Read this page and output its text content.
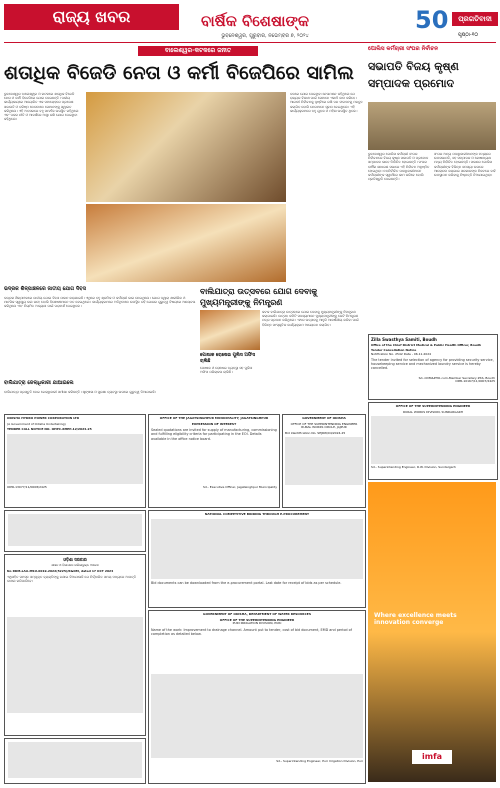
ରାଜ୍ୟ ଖବର	ବାର୍ଷିକ ବିଶେଷାଙ୍କ
ଭୁବନେଶ୍ୱର, ଗୁରୁବାର, ନଭେମ୍ବର ୭, ୨୦୨୪
50	ପ୍ରଗତିବାଦୀ
ପୃଷ୍ଠା-୧୦
ବାଲେଶ୍ୱର-କଟକରେ ଜନୀତ
ଶତାଧିକ ବିଜେଡି ନେତା ଓ କର୍ମୀ ବିଜେପିରେ ସାମିଲ
ଭୁବନେଶ୍ୱର ବାଲେଶ୍ୱର ଓ କଟକରେ ଶତାଧିକ ବିଜେଡି ନେତା ଓ କର୍ମୀ ବିଜେପିରେ ଯୋଗ ଦେଇଛନ୍ତି। ଦଳୀୟ କାର୍ଯ୍ୟାଳୟରେ ଆୟୋଜିତ ଏକ ସମାରୋହରେ ପ୍ରଦେଶ ସଭାପତି ଓ ବରିଷ୍ଠ ନେତାମାନେ ସେମାନଙ୍କୁ ସ୍ୱାଗତ କରିଥିଲେ। ଏହି ଅବସରରେ ବହୁ ସମର୍ଥକ ଉପସ୍ଥିତ ରହିଥିଲେ ଏବଂ ଦଳର ନୀତି ଓ ଆଦର୍ଶରେ ଆସ୍ଥା ରଖି ଯୋଗ ଦେଇଥିବା କହିଥିଲେ।
ଦଳରେ ଯୋଗ ଦେଇଥିବା ନେତାମାନେ କହିଥିଲେ ଯେ ରାଜ୍ୟର ବିକାଶ ପାଇଁ ସେମାନେ ଏକାଠି କାମ କରିବେ। ଆଗାମୀ ନିର୍ବାଚନକୁ ଦୃଷ୍ଟିରେ ରଖି ଦଳ ସଂଗଠନକୁ ମଜବୁତ କରାଯିବ ବୋଲି ନେତାମାନେ ସୂଚନା ଦେଇଥିଲେ। ଏହି କାର୍ଯ୍ୟକ୍ରମରେ ବହୁ ଯୁବକ ଓ ମହିଳା ଉପସ୍ଥିତ ଥିଲେ।
ପୋଲିସ କର୍ମଚାରୀ ସଂଘର ନିର୍ବାଚନ
ସଭାପତି ବିଜୟ କୃଷ୍ଣ ସମ୍ପାଦକ ପ୍ରମୋଦ
ଭୁବନେଶ୍ୱର ପୋଲିସ କର୍ମଚାରୀ ସଂଘର ନିର୍ବାଚନରେ ବିଜୟ କୃଷ୍ଣ ସଭାପତି ଓ ପ୍ରମୋଦ ସମ୍ପାଦକ ଭାବେ ନିର୍ବାଚିତ ହୋଇଛନ୍ତି। ସଂଘର ବାର୍ଷିକ ସାଧାରଣ ସଭାରେ ଏହି ନିର୍ବାଚନ ଅନୁଷ୍ଠିତ ହୋଇଥିଲା। ନବନିର୍ବାଚିତ ପଦାଧିକାରୀମାନେ କର୍ମଚାରୀଙ୍କ ସ୍ୱାର୍ଥରେ କାମ କରିବେ ବୋଲି ପ୍ରତିଶ୍ରୁତି ଦେଇଛନ୍ତି।
ସଂଘର ଅନ୍ୟ ପଦାଧିକାରୀମାନଙ୍କ ମଧ୍ୟରେ ଉପସଭାପତି, ସହ ସମ୍ପାଦକ ଓ କୋଷାଧ୍ୟକ୍ଷ ମଧ୍ୟ ନିର୍ବାଚିତ ହୋଇଛନ୍ତି। ସଭାରେ ପୋଲିସ କର୍ମଚାରୀଙ୍କ ବିଭିନ୍ନ ସମସ୍ୟା ଉପରେ ଆଲୋଚନା କରାଯାଇ ସରକାରଙ୍କ ନିକଟରେ ଦାବି ଉପସ୍ଥାପନ କରିବାକୁ ନିଷ୍ପତ୍ତି ନିଆଯାଇଥିଲା।
ଭଦ୍ରକ ଶିଳ୍ପାଞ୍ଚଳରେ ଜାତୀୟ ଯୋଗ ଦିବସ
ଭଦ୍ରକ ଶିଳ୍ପାଞ୍ଚଳରେ ଜାତୀୟ ଯୋଗ ଦିବସ ପାଳନ କରାଯାଇଛି। ଏଥିରେ ବହୁ ଶ୍ରମିକ ଓ କର୍ମଚାରୀ ଭାଗ ନେଇଥିଲେ। ଯୋଗ ଦ୍ୱାରା ଶାରୀରିକ ଓ ମାନସିକ ସ୍ୱାସ୍ଥ୍ୟ ଭଲ ରହେ ବୋଲି ବିଶେଷଜ୍ଞମାନେ ମତ ଦେଇଥିଲେ। କାର୍ଯ୍ୟକ୍ରମରେ ଅତିଥିମାନେ ଉପସ୍ଥିତ ରହି ଯୋଗର ଗୁରୁତ୍ୱ ବିଷୟରେ ଆଲୋଚନା କରିଥିଲେ ଏବଂ ନିୟମିତ ଅଭ୍ୟାସ ପାଇଁ ପରାମର୍ଶ ଦେଇଥିଲେ।
ବାଲିଯାତ୍ରା ଜେଲାଧିକାରୀ ଯାଆଇଲେ
ବାଲିଯାତ୍ରା ପ୍ରସ୍ତୁତି ନେଇ ଜେଲାଧିକାରୀ ସମୀକ୍ଷା କରିଛନ୍ତି। ଶୃଙ୍ଖଳା ଓ ସୁରକ୍ଷା ବ୍ୟବସ୍ଥା ଉପରେ ଗୁରୁତ୍ୱ ଦିଆଯାଇଛି।
ବାଲିଯାତ୍ରା ଉତ୍ସବରେ ଯୋଗ ଦେବାକୁ ମୁଖ୍ୟମନ୍ତ୍ରୀଙ୍କୁ ନିମନ୍ତ୍ରଣ
କଟକ ବାଲିଯାତ୍ରା ଉତ୍ସବରେ ଯୋଗ ଦେବାକୁ ମୁଖ୍ୟମନ୍ତ୍ରୀଙ୍କୁ ନିମନ୍ତ୍ରଣ କରାଯାଇଛି। ଉତ୍ସବ କମିଟି ସଦସ୍ୟମାନେ ମୁଖ୍ୟମନ୍ତ୍ରୀଙ୍କୁ ଭେଟି ନିମନ୍ତ୍ରଣ ପତ୍ର ପ୍ରଦାନ କରିଥିଲେ। ଏଥର ଉତ୍ସବକୁ ଆହୁରି ଆକର୍ଷଣୀୟ କରିବା ପାଇଁ ବିଭିନ୍ନ ସାଂସ୍କୃତିକ କାର୍ଯ୍ୟକ୍ରମ ଆୟୋଜନ କରାଯିବ।
ପୋଷାକ ରୋଷେଇ ପୁଲିସ ଅଫିସ ଚାଲିଛି
ପୋଷାକ ଓ ରୋଷେଇ ବ୍ୟବସ୍ଥା ସହ ପୁଲିସ ଅଫିସ ପରିଚାଳନା ଚାଲିଛି।
ODISHA HYDRO POWER CORPORATION LTD
(A Government of Odisha Undertaking)
TENDER CALL NOTICE NO. OHPC-RHEP-12/2024-25
OIPR-13077/11/0008/2425
OFFICE OF THE JAGATSINGHPUR MUNICIPALITY, JAGATSINGHPUR
EXPRESSION OF INTEREST
Sealed quotations are invited for supply of manufacturing, commissioning and fulfilling eligibility criteria for participating in the EOI. Details available in the office notice board.
Sd.- Executive Officer, Jagatsinghpur Municipality
GOVERNMENT OF ODISHA
OFFICE OF THE SUPERINTENDING ENGINEER
RURAL WORKS CIRCLE, JAJPUR
Bid Identification No. SEJRW/04/2024-25
Zilla Swasthya Samiti, Boudh
Office of the Chief District Medical & Public Health Officer, Boudh
Tender Cancellation Notice
Notification No. 2542 Date - 06.11.2024
The tender invited for selection of agency for providing security service, housekeeping service and mechanized laundry service is hereby cancelled.
Sd.-CDM&PHO-cum-Member Secretary ZSS, Boudh
OIPR-10167/11/0007/2425
OFFICE OF THE SUPERINTENDING ENGINEER
RURAL WORKS DIVISION, SUNDARGARH
Sd.- Superintending Engineer, R.W. Division, Sundargarh
NATIONAL COMPETITIVE BIDDING THROUGH E-PROCUREMENT
Bid documents can be downloaded from the e-procurement portal. Last date for receipt of bids as per schedule.
ଓଡ଼ିଶା ସରକାର
ଶାସନ ଓ ବିଭାଗରେ ତାଲିକାଭୁକ୍ତ ଆଦେଶ
No RDM-LAA-MSU-0019-2022(5225)/R&DM, dated 17 OCT 2024
ଏଥିସହିତ ସମସ୍ତ ସମ୍ପୃକ୍ତ ବ୍ୟକ୍ତିଙ୍କୁ ଜଣାଇ ଦିଆଯାଉଛି ଯେ ନିର୍ଦ୍ଧାରିତ ସମୟ ମଧ୍ୟରେ ଆପତ୍ତି ଦାଖଲ କରିପାରିବେ।
GOVERNMENT OF ODISHA, DEPARTMENT OF WATER RESOURCES
OFFICE OF THE SUPERINTENDING ENGINEER
PURI IRRIGATION DIVISION, PURI
Name of the work: Improvement to drainage channel. Amount put to tender, cost of bid document, EMD and period of completion as detailed below.
Sd.- Superintending Engineer, Puri Irrigation Division, Puri
Where excellence meets innovation converge
imfa
